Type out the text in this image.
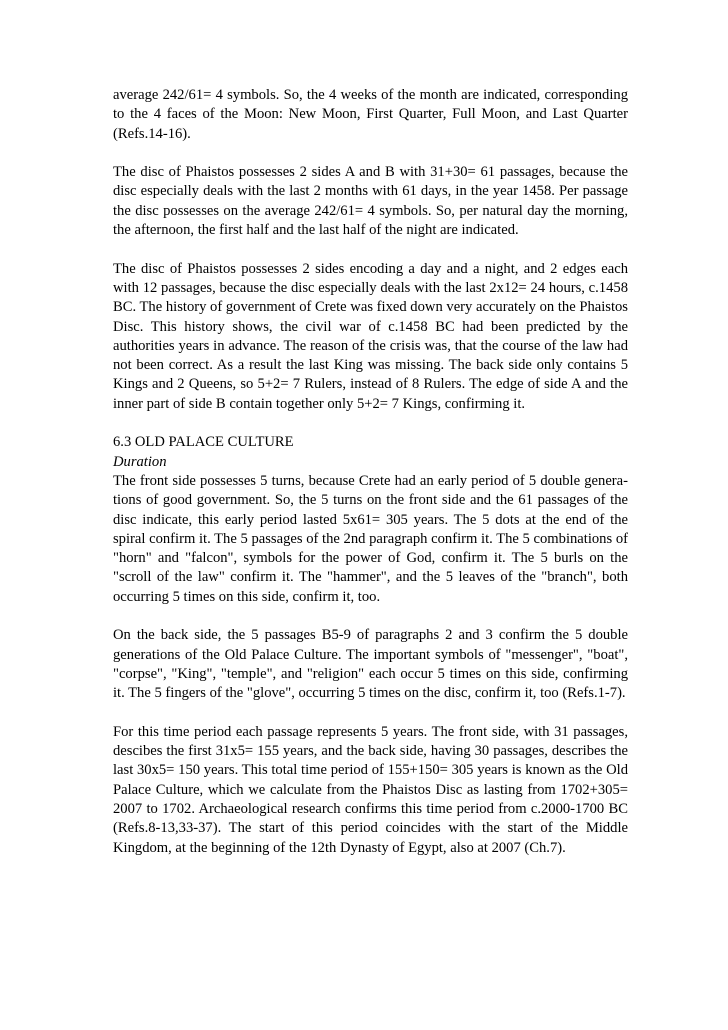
average 242/61= 4 symbols. So, the 4 weeks of the month are indicated, corresponding to the 4 faces of the Moon: New Moon, First Quarter, Full Moon, and Last Quarter (Refs.14-16).

The disc of Phaistos possesses 2 sides A and B with 31+30= 61 passages, because the disc especially deals with the last 2 months with 61 days, in the year 1458. Per passage the disc possesses on the average 242/61= 4 symbols. So, per natural day the morning, the afternoon, the first half and the last half of the night are indicated.

The disc of Phaistos possesses 2 sides encoding a day and a night, and 2 edges each with 12 passages, because the disc especially deals with the last 2x12= 24 hours, c.1458 BC. The history of government of Crete was fixed down very accurately on the Phaistos Disc. This history shows, the civil war of c.1458 BC had been predicted by the authorities years in advance. The reason of the crisis was, that the course of the law had not been correct. As a result the last King was missing. The back side only contains 5 Kings and 2 Queens, so 5+2= 7 Rulers, instead of 8 Rulers. The edge of side A and the inner part of side B contain together only 5+2= 7 Kings, confirming it.

6.3 OLD PALACE CULTURE

Duration

The front side possesses 5 turns, because Crete had an early period of 5 double genera-tions of good government. So, the 5 turns on the front side and the 61 passages of the disc indicate, this early period lasted 5x61= 305 years. The 5 dots at the end of the spiral confirm it. The 5 passages of the 2nd paragraph confirm it. The 5 combinations of "horn" and "falcon", symbols for the power of God, confirm it. The 5 burls on the "scroll of the law" confirm it. The "hammer", and the 5 leaves of the "branch", both occurring 5 times on this side, confirm it, too.

On the back side, the 5 passages B5-9 of paragraphs 2 and 3 confirm the 5 double generations of the Old Palace Culture. The important symbols of "messenger", "boat", "corpse", "King", "temple", and "religion" each occur 5 times on this side, confirming it. The 5 fingers of the "glove", occurring 5 times on the disc, confirm it, too (Refs.1-7).

For this time period each passage represents 5 years. The front side, with 31 passages, descibes the first 31x5= 155 years, and the back side, having 30 passages, describes the last 30x5= 150 years. This total time period of 155+150= 305 years is known as the Old Palace Culture, which we calculate from the Phaistos Disc as lasting from 1702+305= 2007 to 1702. Archaeological research confirms this time period from c.2000-1700 BC (Refs.8-13,33-37). The start of this period coincides with the start of the Middle Kingdom, at the beginning of the 12th Dynasty of Egypt, also at 2007 (Ch.7).
